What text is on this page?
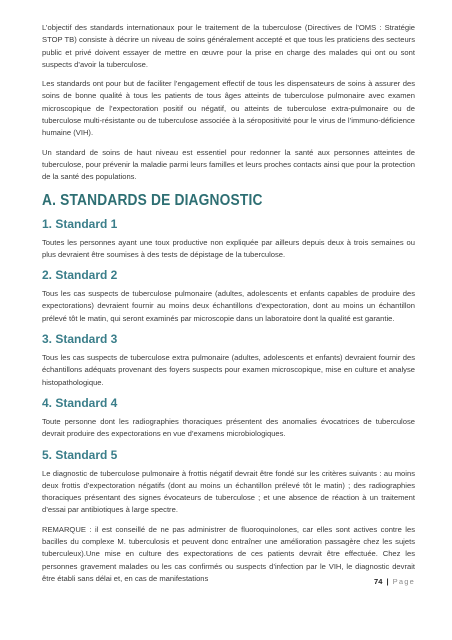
L’objectif des standards internationaux pour le traitement de la tuberculose (Directives de l’OMS : Stratégie STOP TB) consiste à décrire un niveau de soins généralement accepté et que tous les praticiens des secteurs public et privé doivent essayer de mettre en œuvre pour la prise en charge des malades qui ont ou sont suspects d’avoir la tuberculose.

Les standards ont pour but de faciliter l’engagement effectif de tous les dispensateurs de soins à assurer des soins de bonne qualité à tous les patients de tous âges atteints de tuberculose pulmonaire avec examen microscopique de l’expectoration positif ou négatif, ou atteints de tuberculose extra-pulmonaire ou de tuberculose multi-résistante ou de tuberculose associée à la séropositivité pour le virus de l’immuno-déficience humaine (VIH).

Un standard de soins de haut niveau est essentiel pour redonner la santé aux personnes atteintes de tuberculose, pour prévenir la maladie parmi leurs familles et leurs proches contacts ainsi que pour la protection de la santé des populations.

A. STANDARDS DE DIAGNOSTIC
1. Standard 1

Toutes les personnes ayant une toux productive non expliquée par ailleurs depuis deux à trois semaines ou plus devraient être soumises à des tests de dépistage de la tuberculose.

2. Standard 2

Tous les cas suspects de tuberculose pulmonaire (adultes, adolescents et enfants capables de produire des expectorations) devraient fournir au moins deux échantillons d’expectoration, dont au moins un échantillon prélevé tôt le matin, qui seront examinés par microscopie dans un laboratoire dont la qualité est garantie.

3. Standard 3

Tous les cas suspects de tuberculose extra pulmonaire (adultes, adolescents et enfants) devraient fournir des échantillons adéquats provenant des foyers suspects pour examen microscopique, mise en culture et analyse histopathologique.

4. Standard 4

Toute personne dont les radiographies thoraciques présentent des anomalies évocatrices de tuberculose devrait produire des expectorations en vue d’examens microbiologiques.

5. Standard 5

Le diagnostic de tuberculose pulmonaire à frottis négatif devrait être fondé sur les critères suivants : au moins deux frottis d’expectoration négatifs (dont au moins un échantillon prélevé tôt le matin) ; des radiographies thoraciques présentant des signes évocateurs de tuberculose ; et une absence de réaction à un traitement d’essai par antibiotiques à large spectre.

REMARQUE : il est conseillé de ne pas administrer de fluoroquinolones, car elles sont actives contre les bacilles du complexe M. tuberculosis et peuvent donc entraîner une amélioration passagère chez les sujets tuberculeux).Une mise en culture des expectorations de ces patients devrait être effectuée. Chez les personnes gravement malades ou les cas confirmés ou suspects d’infection par le VIH, le diagnostic devrait être établi sans délai et, en cas de manifestations	74 | Page
